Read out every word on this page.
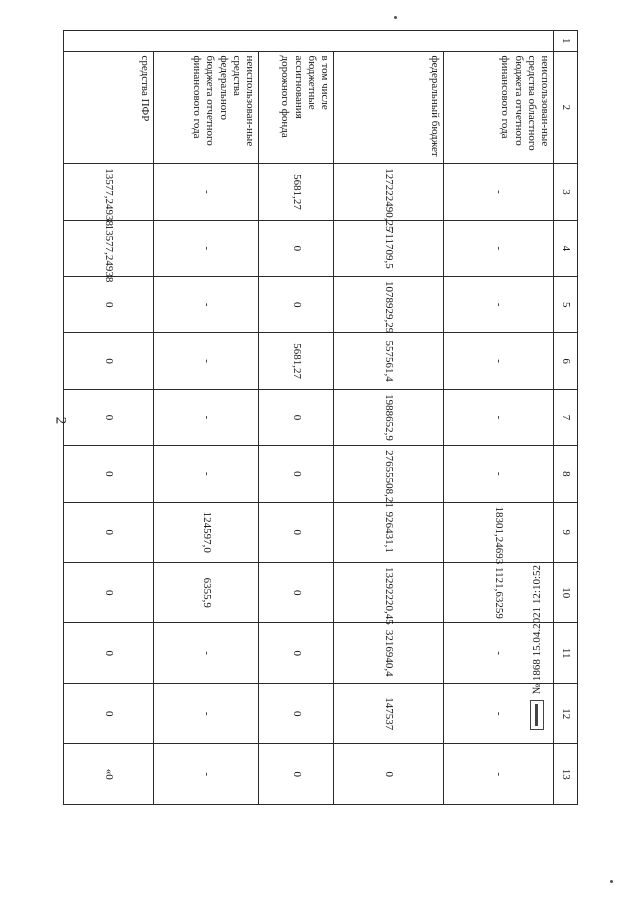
2
1	2	3	4	5	6	7	8	9	10	11	12	13
	неиспользован-ные средства областного бюджета отчетного финансового года	-	-	-	-	-	-	18301,24693	1121,63259	-	-	-
	федеральный бюджет	127222490,25	711709,5	1078929,29	557561,4	1988652,9	27655508,21	926431,1	13292220,45	3216940,4	147537	0
	в том числе бюджетные ассигнования дорожного фонда	5681,27	0	0	5681,27	0	0	0	0	0	0	0
	неиспользован-ные средства федерального бюджета отчетного финансового года	-	-	-	-	-	-	124597,0	6355,9	-	-	-
	средства ПФР	13577,24938	13577,24938	0	0	0	0	0	0	0	0	«0
№ 1868 15.04.2021 12:10:52
